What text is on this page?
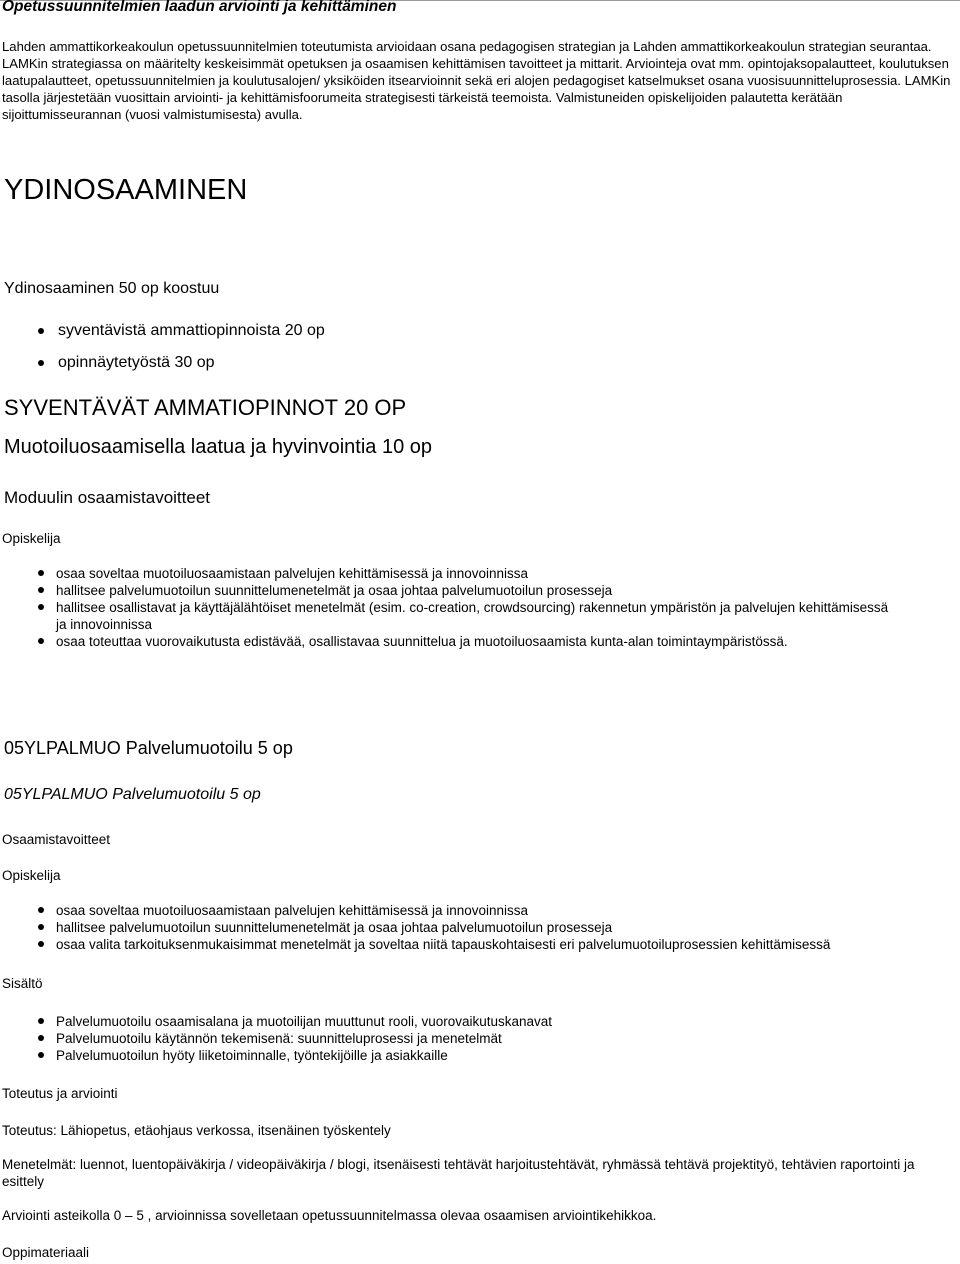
Opetussuunnitelmien laadun arviointi ja kehittäminen

Lahden ammattikorkeakoulun opetussuunnitelmien toteutumista arvioidaan osana pedagogisen strategian ja Lahden ammattikorkeakoulun strategian seurantaa. LAMKin strategiassa on määritelty keskeisimmät opetuksen ja osaamisen kehittämisen tavoitteet ja mittarit. Arviointeja ovat mm. opintojaksopalautteet, koulutuksen laatupalautteet, opetussuunnitelmien ja koulutusalojen/ yksiköiden itsearvioinnit sekä eri alojen pedagogiset katselmukset osana vuosisuunnitteluprosessia. LAMKin tasolla järjestetään vuosittain arviointi- ja kehittämisfoorumeita strategisesti tärkeistä teemoista. Valmistuneiden opiskelijoiden palautetta kerätään sijoittumisseurannan (vuosi valmistumisesta) avulla.

YDINOSAAMINEN

Ydinosaaminen 50 op koostuu

syventävistä ammattiopinnoista 20 op
opinnäytetyöstä 30 op
SYVENTÄVÄT AMMATIOPINNOT 20 OP
Muotoiluosaamisella laatua ja hyvinvointia 10 op
Moduulin osaamistavoitteet

Opiskelija

osaa soveltaa muotoiluosaamistaan palvelujen kehittämisessä ja innovoinnissa
hallitsee palvelumuotoilun suunnittelumenetelmät ja osaa johtaa palvelumuotoilun prosesseja
hallitsee osallistavat ja käyttäjälähtöiset menetelmät (esim. co-creation, crowdsourcing) rakennetun ympäristön ja palvelujen kehittämisessä ja innovoinnissa
osaa toteuttaa vuorovaikutusta edistävää, osallistavaa suunnittelua ja muotoiluosaamista kunta-alan toimintaympäristössä.
05YLPALMUO Palvelumuotoilu 5 op
05YLPALMUO Palvelumuotoilu 5 op

Osaamistavoitteet

Opiskelija

osaa soveltaa muotoiluosaamistaan palvelujen kehittämisessä ja innovoinnissa
hallitsee palvelumuotoilun suunnittelumenetelmät ja osaa johtaa palvelumuotoilun prosesseja
osaa valita tarkoituksenmukaisimmat menetelmät ja soveltaa niitä tapauskohtaisesti eri palvelumuotoiluprosessien kehittämisessä

Sisältö

Palvelumuotoilu osaamisalana ja muotoilijan muuttunut rooli, vuorovaikutuskanavat
Palvelumuotoilu käytännön tekemisenä: suunnitteluprosessi ja menetelmät
Palvelumuotoilun hyöty liiketoiminnalle, työntekijöille ja asiakkaille

Toteutus ja arviointi

Toteutus: Lähiopetus, etäohjaus verkossa, itsenäinen työskentely

Menetelmät: luennot, luentopäiväkirja / videopäiväkirja / blogi, itsenäisesti tehtävät harjoitustehtävät, ryhmässä tehtävä projektityö, tehtävien raportointi ja esittely

Arviointi asteikolla 0 – 5 , arvioinnissa sovelletaan opetussuunnitelmassa olevaa osaamisen arviointikehikkoa.

Oppimateriaali
